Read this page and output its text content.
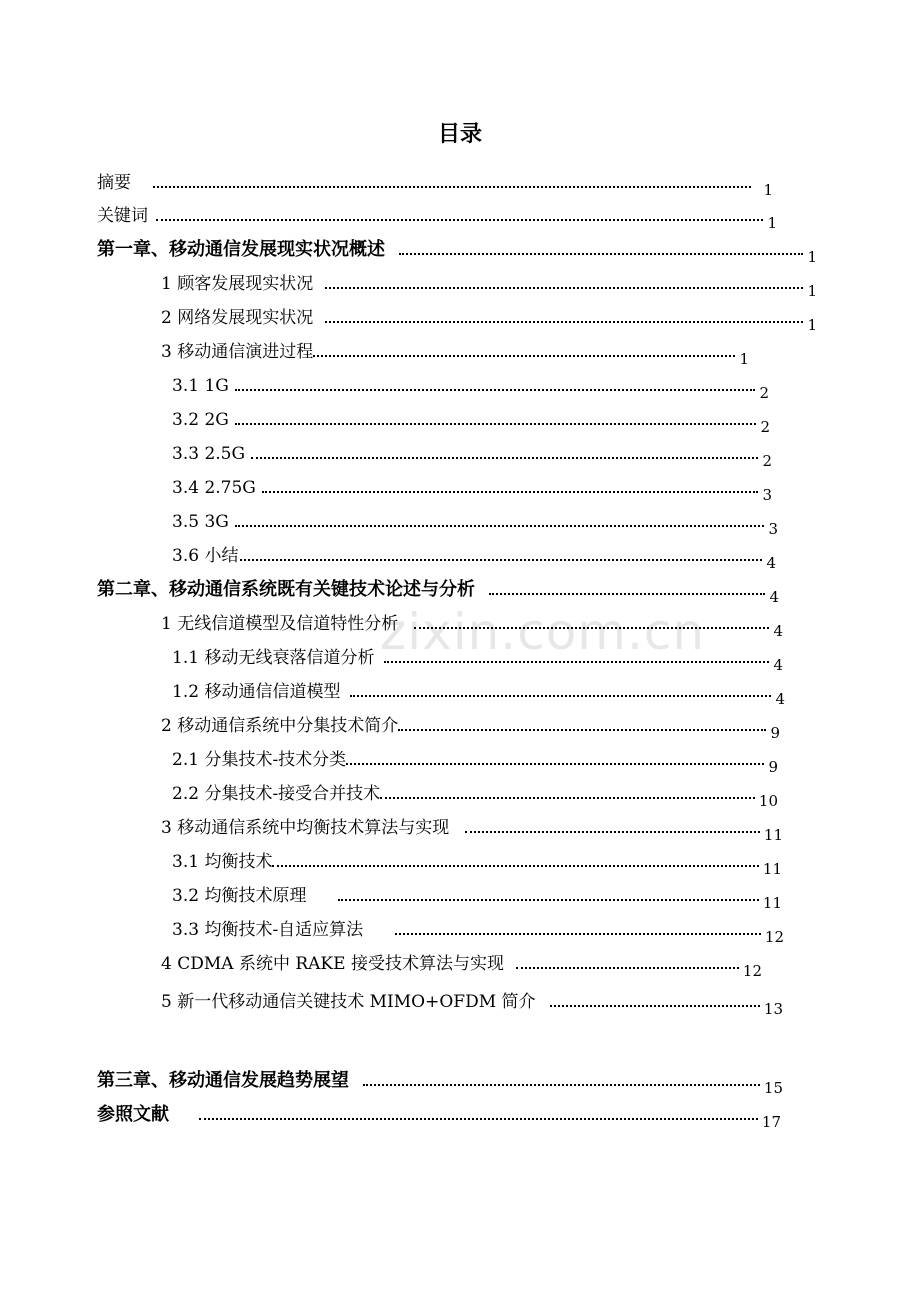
目录
zixin.com.cn
摘要	1
关键词	1
第一章、移动通信发展现实状况概述	1
1 顾客发展现实状况	1
2 网络发展现实状况	1
3 移动通信演进过程	1
3.1 1G	2
3.2 2G	2
3.3 2.5G	2
3.4 2.75G	3
3.5 3G	3
3.6 小结	4
第二章、移动通信系统既有关键技术论述与分析	4
1 无线信道模型及信道特性分析	4
1.1 移动无线衰落信道分析	4
1.2 移动通信信道模型	4
2 移动通信系统中分集技术简介	9
2.1 分集技术-技术分类	9
2.2 分集技术-接受合并技术	10
3 移动通信系统中均衡技术算法与实现	11
3.1 均衡技术	11
3.2 均衡技术原理	11
3.3 均衡技术-自适应算法	12
4 CDMA 系统中 RAKE 接受技术算法与实现	12
5 新一代移动通信关键技术 MIMO+OFDM 简介	13
第三章、移动通信发展趋势展望	15
参照文献	17
